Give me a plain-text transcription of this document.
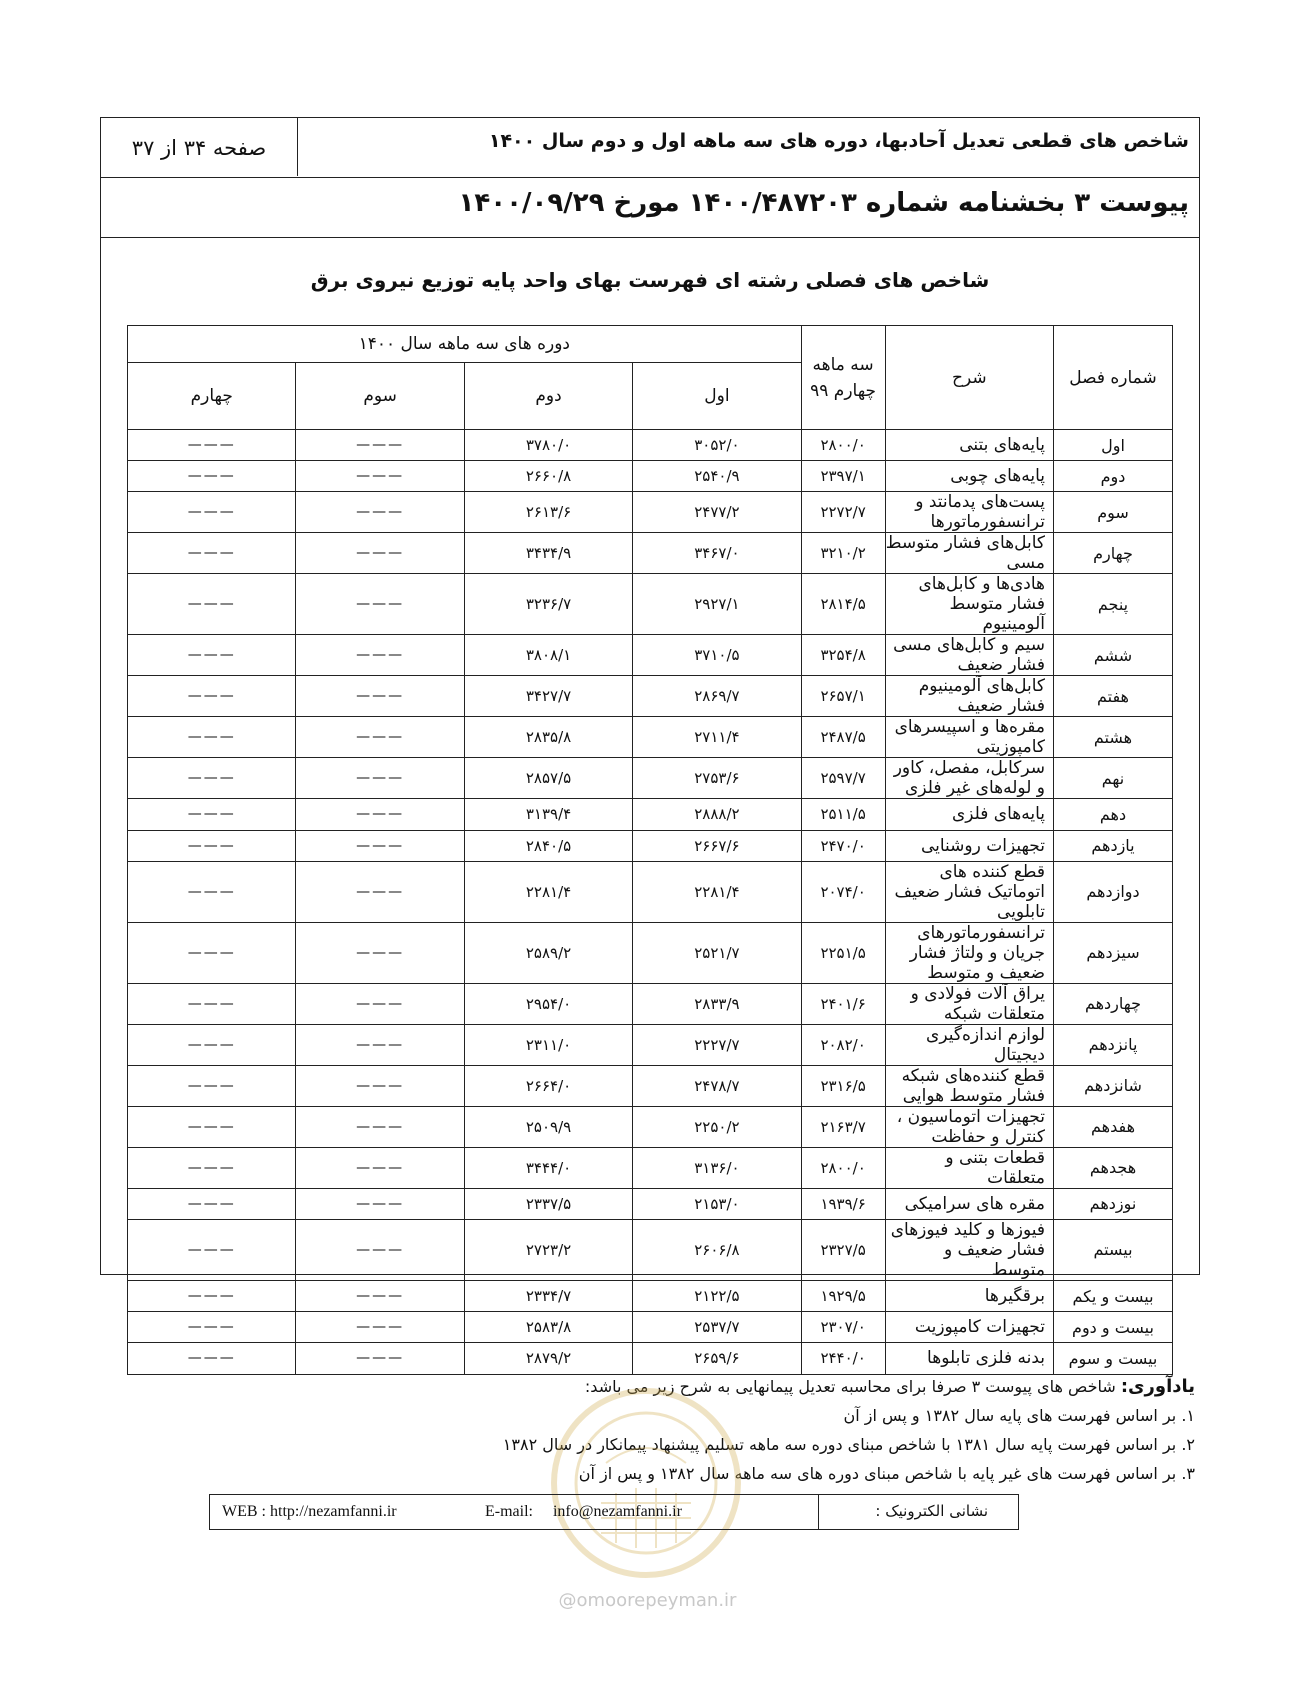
شاخص های قطعی تعدیل آحادبها، دوره های سه ماهه اول و دوم سال ۱۴۰۰
صفحه ۳۴ از ۳۷
پیوست ۳ بخشنامه شماره ۱۴۰۰/۴۸۷۲۰۳ مورخ ۱۴۰۰/۰۹/۲۹
شاخص های فصلی رشته ای فهرست بهای واحد پایه توزیع نیروی برق
شماره فصل	شرح	سه ماهه چهارم ۹۹	دوره های سه ماهه سال ۱۴۰۰			
			اول	دوم	سوم	چهارم
اول	پایه‌های بتنی	۲۸۰۰/۰	۳۰۵۲/۰	۳۷۸۰/۰	———	———
دوم	پایه‌های چوبی	۲۳۹۷/۱	۲۵۴۰/۹	۲۶۶۰/۸	———	———
سوم	پست‌های پدمانتد و ترانسفورماتورها	۲۲۷۲/۷	۲۴۷۷/۲	۲۶۱۳/۶	———	———
چهارم	کابل‌های فشار متوسط مسی	۳۲۱۰/۲	۳۴۶۷/۰	۳۴۳۴/۹	———	———
پنجم	هادی‌ها و کابل‌های فشار متوسط آلومینیوم	۲۸۱۴/۵	۲۹۲۷/۱	۳۲۳۶/۷	———	———
ششم	سیم و کابل‌های مسی فشار ضعیف	۳۲۵۴/۸	۳۷۱۰/۵	۳۸۰۸/۱	———	———
هفتم	کابل‌های آلومینیوم فشار ضعیف	۲۶۵۷/۱	۲۸۶۹/۷	۳۴۲۷/۷	———	———
هشتم	مقره‌ها و اسپیسرهای کامپوزیتی	۲۴۸۷/۵	۲۷۱۱/۴	۲۸۳۵/۸	———	———
نهم	سرکابل، مفصل، کاور و لوله‌های غیر فلزی	۲۵۹۷/۷	۲۷۵۳/۶	۲۸۵۷/۵	———	———
دهم	پایه‌های فلزی	۲۵۱۱/۵	۲۸۸۸/۲	۳۱۳۹/۴	———	———
یازدهم	تجهیزات روشنایی	۲۴۷۰/۰	۲۶۶۷/۶	۲۸۴۰/۵	———	———
دوازدهم	قطع کننده های اتوماتیک فشار ضعیف تابلویی	۲۰۷۴/۰	۲۲۸۱/۴	۲۲۸۱/۴	———	———
سیزدهم	ترانسفورماتورهای جریان و ولتاژ فشار ضعیف و متوسط	۲۲۵۱/۵	۲۵۲۱/۷	۲۵۸۹/۲	———	———
چهاردهم	یراق آلات فولادی و متعلقات شبکه	۲۴۰۱/۶	۲۸۳۳/۹	۲۹۵۴/۰	———	———
پانزدهم	لوازم اندازه‌گیری دیجیتال	۲۰۸۲/۰	۲۲۲۷/۷	۲۳۱۱/۰	———	———
شانزدهم	قطع کننده‌های شبکه فشار متوسط هوایی	۲۳۱۶/۵	۲۴۷۸/۷	۲۶۶۴/۰	———	———
هفدهم	تجهیزات اتوماسیون ، کنترل و حفاظت	۲۱۶۳/۷	۲۲۵۰/۲	۲۵۰۹/۹	———	———
هجدهم	قطعات بتنی و متعلقات	۲۸۰۰/۰	۳۱۳۶/۰	۳۴۴۴/۰	———	———
نوزدهم	مقره های سرامیکی	۱۹۳۹/۶	۲۱۵۳/۰	۲۳۳۷/۵	———	———
بیستم	فیوزها و کلید فیوزهای فشار ضعیف و متوسط	۲۳۲۷/۵	۲۶۰۶/۸	۲۷۲۳/۲	———	———
بیست و یکم	برقگیرها	۱۹۲۹/۵	۲۱۲۲/۵	۲۳۳۴/۷	———	———
بیست و دوم	تجهیزات کامپوزیت	۲۳۰۷/۰	۲۵۳۷/۷	۲۵۸۳/۸	———	———
بیست و سوم	بدنه فلزی تابلوها	۲۴۴۰/۰	۲۶۵۹/۶	۲۸۷۹/۲	———	———
یادآوری: شاخص های پیوست ۳ صرفا برای محاسبه تعدیل پیمانهایی به شرح زیر می باشد:
۱. بر اساس فهرست های پایه سال ۱۳۸۲ و پس از آن
۲. بر اساس فهرست پایه سال ۱۳۸۱ با شاخص مبنای دوره سه ماهه تسلیم پیشنهاد پیمانکار در سال ۱۳۸۲
۳. بر اساس فهرست های غیر پایه با شاخص مبنای دوره های سه ماهه سال ۱۳۸۲ و پس از آن
نشانی الکترونیک :
E-mail: info@nezamfanni.ir
WEB : http://nezamfanni.ir
@omoorepeyman.ir
